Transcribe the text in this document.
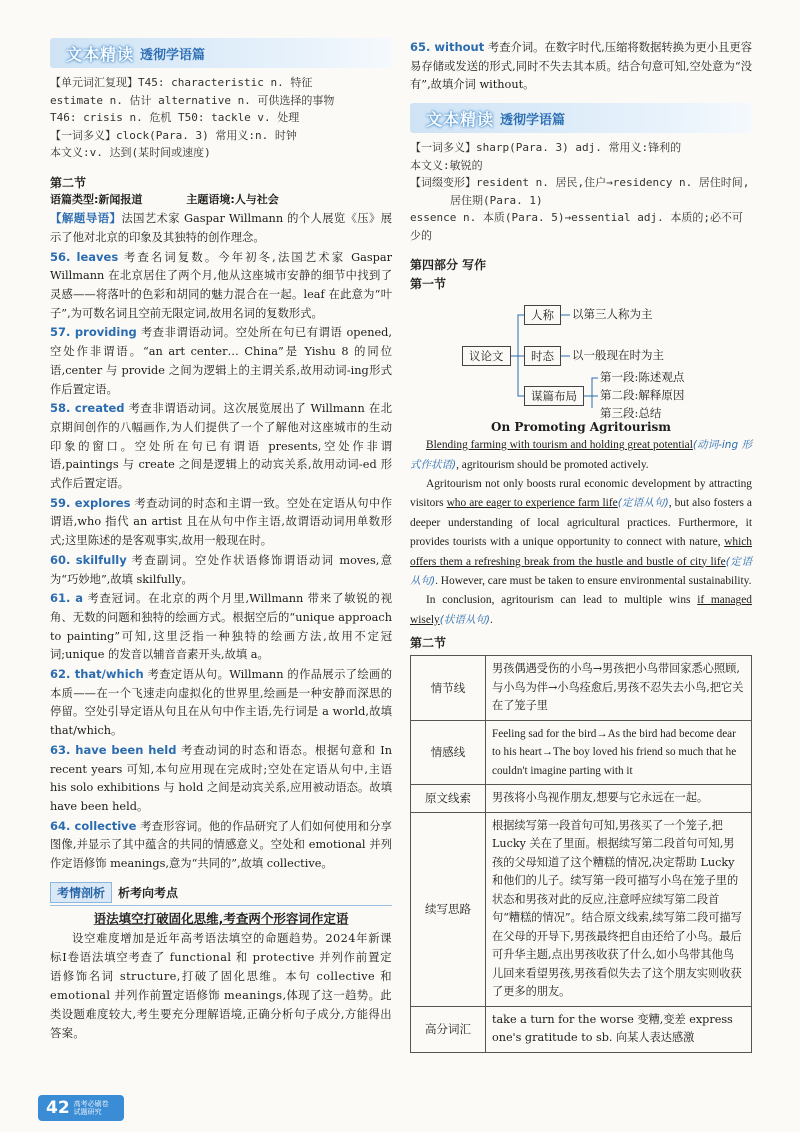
文本精读 透彻学语篇
【单元词汇复现】T45: characteristic n. 特征
estimate n. 估计 alternative n. 可供选择的事物
T46: crisis n. 危机 T50: tackle v. 处理
【一词多义】clock(Para. 3) 常用义:n. 时钟
本文义:v. 达到(某时间或速度)
第二节
语篇类型:新闻报道	主题语境:人与社会

【解题导语】法国艺术家 Gaspar Willmann 的个人展览《压》展示了他对北京的印象及其独特的创作理念。

56. leaves 考查名词复数。今年初冬,法国艺术家 Gaspar Willmann 在北京居住了两个月,他从这座城市安静的细节中找到了灵感——将落叶的色彩和胡同的魅力混合在一起。leaf 在此意为“叶子”,为可数名词且空前无限定词,故用名词的复数形式。

57. providing 考查非谓语动词。空处所在句已有谓语 opened,空处作非谓语。“an art center… China”是 Yishu 8 的同位语,center 与 provide 之间为逻辑上的主谓关系,故用动词-ing形式作后置定语。

58. created 考查非谓语动词。这次展览展出了 Willmann 在北京期间创作的八幅画作,为人们提供了一个了解他对这座城市的生动印象的窗口。空处所在句已有谓语 presents,空处作非谓语,paintings 与 create 之间是逻辑上的动宾关系,故用动词-ed 形式作后置定语。

59. explores 考查动词的时态和主谓一致。空处在定语从句中作谓语,who 指代 an artist 且在从句中作主语,故谓语动词用单数形式;这里陈述的是客观事实,故用一般现在时。

60. skilfully 考查副词。空处作状语修饰谓语动词 moves,意为“巧妙地”,故填 skilfully。

61. a 考查冠词。在北京的两个月里,Willmann 带来了敏锐的视角、无数的问题和独特的绘画方式。根据空后的“unique approach to painting”可知,这里泛指一种独特的绘画方法,故用不定冠词;unique 的发音以辅音音素开头,故填 a。

62. that/which 考查定语从句。Willmann 的作品展示了绘画的本质——在一个飞速走向虚拟化的世界里,绘画是一种安静而深思的停留。空处引导定语从句且在从句中作主语,先行词是 a world,故填 that/which。

63. have been held 考查动词的时态和语态。根据句意和 In recent years 可知,本句应用现在完成时;空处在定语从句中,主语 his solo exhibitions 与 hold 之间是动宾关系,应用被动语态。故填 have been held。

64. collective 考查形容词。他的作品研究了人们如何使用和分享图像,并显示了其中蕴含的共同的情感意义。空处和 emotional 并列作定语修饰 meanings,意为“共同的”,故填 collective。

考情剖析	析考向考点
语法填空打破固化思维,考查两个形容词作定语

设空难度增加是近年高考语法填空的命题趋势。2024年新课标Ⅰ卷语法填空考查了 functional 和 protective 并列作前置定语修饰名词 structure,打破了固化思维。本句 collective 和 emotional 并列作前置定语修饰 meanings,体现了这一趋势。此类设题难度较大,考生要充分理解语境,正确分析句子成分,方能得出答案。

65. without 考查介词。在数字时代,压缩将数据转换为更小且更容易存储或发送的形式,同时不失去其本质。结合句意可知,空处意为“没有”,故填介词 without。

文本精读 透彻学语篇
【一词多义】sharp(Para. 3) adj. 常用义:锋利的
本文义:敏锐的
【词缀变形】resident n. 居民,住户→residency n. 居住时间,
居住期(Para. 1)
essence n. 本质(Para. 5)→essential adj. 本质的;必不可少的
第四部分 写作
第一节
议论文
人称	以第三人称为主
时态	以一般现在时为主
谋篇布局
第一段:陈述观点
第二段:解释原因
第三段:总结
On Promoting Agritourism

Blending farming with tourism and holding great potential(动词-ing 形式作状语), agritourism should be promoted actively.

Agritourism not only boosts rural economic development by attracting visitors who are eager to experience farm life(定语从句), but also fosters a deeper understanding of local agricultural practices. Furthermore, it provides tourists with a unique opportunity to connect with nature, which offers them a refreshing break from the hustle and bustle of city life(定语从句). However, care must be taken to ensure environmental sustainability.

In conclusion, agritourism can lead to multiple wins if managed wisely(状语从句).

第二节
情节线	男孩偶遇受伤的小鸟→男孩把小鸟带回家悉心照顾,与小鸟为伴→小鸟痊愈后,男孩不忍失去小鸟,把它关在了笼子里
情感线	Feeling sad for the bird→As the bird had become dear to his heart→The boy loved his friend so much that he couldn't imagine parting with it
原文线索	男孩将小鸟视作朋友,想要与它永远在一起。
续写思路	根据续写第一段首句可知,男孩买了一个笼子,把 Lucky 关在了里面。根据续写第二段首句可知,男孩的父母知道了这个糟糕的情况,决定帮助 Lucky 和他们的儿子。续写第一段可描写小鸟在笼子里的状态和男孩对此的反应,注意呼应续写第二段首句“糟糕的情况”。结合原文线索,续写第二段可描写在父母的开导下,男孩最终把自由还给了小鸟。最后可升华主题,点出男孩收获了什么,如小鸟带其他鸟儿回来看望男孩,男孩看似失去了这个朋友实则收获了更多的朋友。
高分词汇	take a turn for the worse 变糟,变差 express one's gratitude to sb. 向某人表达感激
42 高考必刷卷
试题研究
